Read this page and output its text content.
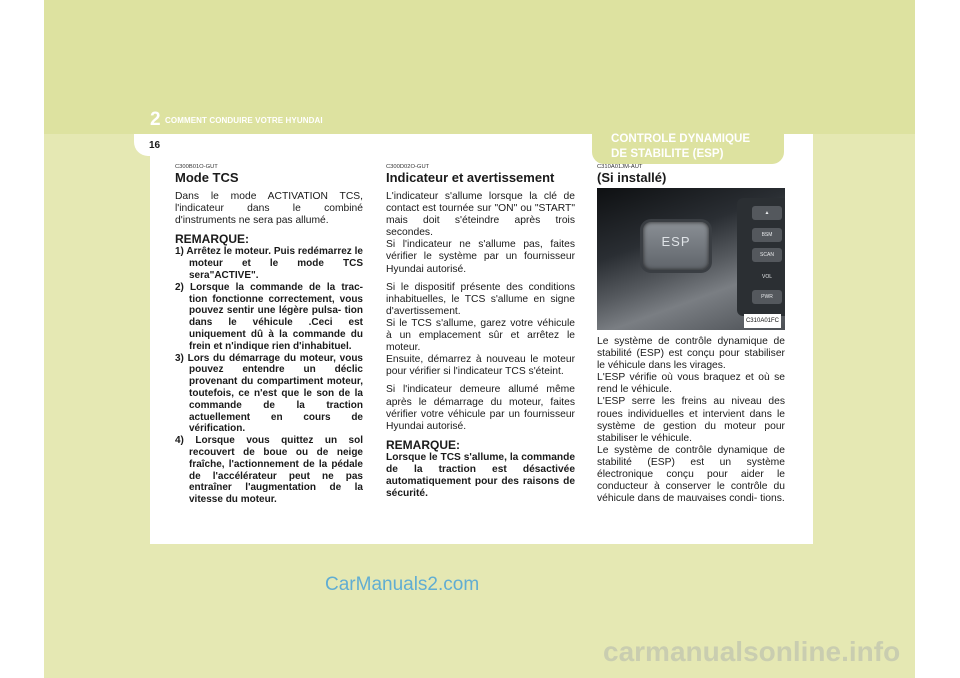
2 COMMENT CONDUIRE VOTRE HYUNDAI
16
CONTROLE DYNAMIQUE
DE STABILITE (ESP)
C300B01O-GUT
Mode TCS
Dans le mode ACTIVATION TCS, l'indicateur dans le combiné d'instruments ne sera pas allumé.
REMARQUE:
1) Arrêtez le moteur. Puis redémarrez le moteur et le mode TCS sera"ACTIVE".
2) Lorsque la commande de la trac- tion fonctionne correctement, vous pouvez sentir une légère pulsa- tion dans le véhicule .Ceci est uniquement dû à la commande du frein et n'indique rien d'inhabituel.
3) Lors du démarrage du moteur, vous pouvez entendre un déclic provenant du compartiment moteur, toutefois, ce n'est que le son de la commande de la traction actuellement en cours de vérification.
4) Lorsque vous quittez un sol recouvert de boue ou de neige fraîche, l'actionnement de la pédale de l'accélérateur peut ne pas entraîner l'augmentation de la vitesse du moteur.
C300D02O-GUT
Indicateur et avertissement
L'indicateur s'allume lorsque la clé de contact est tournée sur "ON" ou "START" mais doit s'éteindre après trois secondes.
Si l'indicateur ne s'allume pas, faites vérifier le système par un fournisseur Hyundai autorisé.
Si le dispositif présente des conditions inhabituelles, le TCS s'allume en signe d'avertissement.
Si le TCS s'allume, garez votre véhicule à un emplacement sûr et arrêtez le moteur.
Ensuite, démarrez à nouveau le moteur pour vérifier si l'indicateur TCS s'éteint.
Si l'indicateur demeure allumé même après le démarrage du moteur, faites vérifier votre véhicule par un fournisseur Hyundai autorisé.
REMARQUE:
Lorsque le TCS s'allume, la commande de la traction est désactivée automatiquement pour des raisons de sécurité.
C310A01JM-AUT
(Si installé)
ESP
▲
BSM
SCAN
VOL
PWR
C310A01FC
Le système de contrôle dynamique de stabilité (ESP) est conçu pour stabiliser le véhicule dans les virages.
L'ESP vérifie où vous braquez et où se rend le véhicule.
L'ESP serre les freins au niveau des roues individuelles et intervient dans le système de gestion du moteur pour stabiliser le véhicule.
Le système de contrôle dynamique de stabilité (ESP) est un système électronique conçu pour aider le conducteur à conserver le contrôle du véhicule dans de mauvaises condi- tions.
CarManuals2.com
carmanualsonline.info
